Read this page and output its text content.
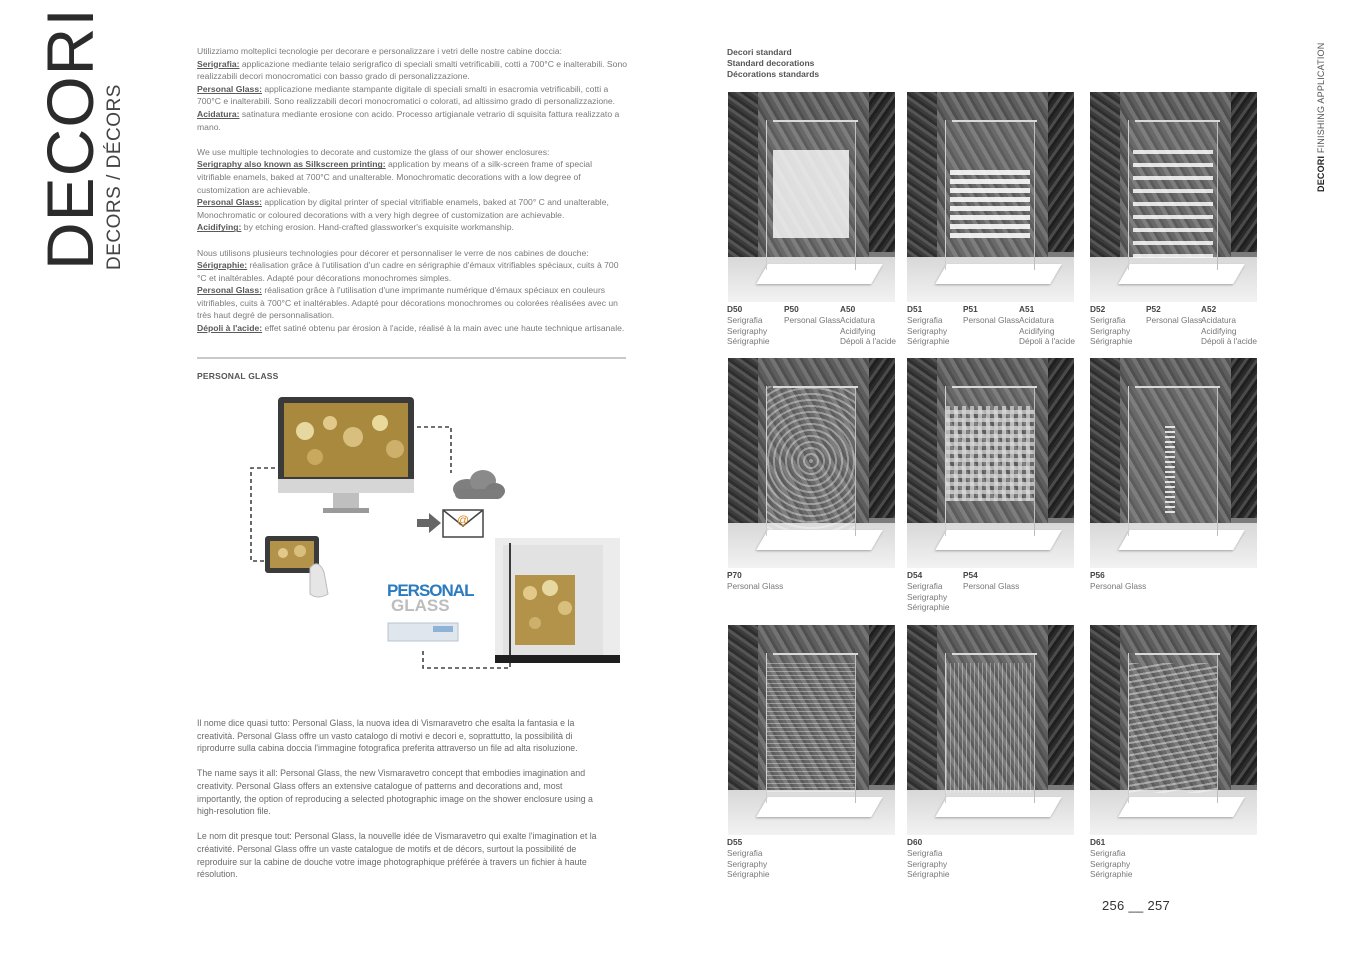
DECORI
DECORS / DÉCORS	DECORI FINISHING APPLICATION

Utilizziamo molteplici tecnologie per decorare e personalizzare i vetri delle nostre cabine doccia:
Serigrafia: applicazione mediante telaio serigrafico di speciali smalti vetrificabili, cotti a 700°C e inalterabili. Sono realizzabili decori monocromatici con basso grado di personalizzazione.
Personal Glass: applicazione mediante stampante digitale di speciali smalti in esacromia vetrificabili, cotti a 700°C e inalterabili. Sono realizzabili decori monocromatici o colorati, ad altissimo grado di personalizzazione.
Acidatura: satinatura mediante erosione con acido. Processo artigianale vetrario di squisita fattura realizzato a mano.

We use multiple technologies to decorate and customize the glass of our shower enclosures:
Serigraphy also known as Silkscreen printing: application by means of a silk-screen frame of special vitrifiable enamels, baked at 700°C and unalterable. Monochromatic decorations with a low degree of customization are achievable.
Personal Glass: application by digital printer of special vitrifiable enamels, baked at 700° C and unalterable, Monochromatic or coloured decorations with a very high degree of customization are achievable.
Acidifying: by etching erosion. Hand-crafted glassworker's exquisite workmanship.

Nous utilisons plusieurs technologies pour décorer et personnaliser le verre de nos cabines de douche:
Sérigraphie: réalisation grâce à l'utilisation d'un cadre en sérigraphie d'émaux vitrifiables spéciaux, cuits à 700 °C et inaltérables. Adapté pour décorations monochromes simples.
Personal Glass: réalisation grâce à l'utilisation d'une imprimante numérique d'émaux spéciaux en couleurs vitrifiables, cuits à 700°C et inaltérables. Adapté pour décorations monochromes ou colorées réalisées avec un très haut degré de personnalisation.
Dépoli à l'acide: effet satiné obtenu par érosion à l'acide, réalisé à la main avec une haute technique artisanale.

PERSONAL GLASS
@
PERSONAL
GLASS

Il nome dice quasi tutto: Personal Glass, la nuova idea di Vismaravetro che esalta la fantasia e la creatività. Personal Glass offre un vasto catalogo di motivi e decori e, soprattutto, la possibilità di riprodurre sulla cabina doccia l'immagine fotografica preferita attraverso un file ad alta risoluzione.

The name says it all: Personal Glass, the new Vismaravetro concept that embodies imagination and creativity. Personal Glass offers an extensive catalogue of patterns and decorations and, most importantly, the option of reproducing a selected photographic image on the shower enclosure using a high-resolution file.

Le nom dit presque tout: Personal Glass, la nouvelle idée de Vismaravetro qui exalte l'imagination et la créativité. Personal Glass offre un vaste catalogue de motifs et de décors, surtout la possibilité de reproduire sur la cabine de douche votre image photographique préférée à travers un fichier à haute résolution.

Decori standard
Standard decorations
Décorations standards
D50
Serigrafia
Serigraphy
Sérigraphie
P50
Personal Glass
A50
Acidatura
Acidifying
Dépoli à l'acide
D51
Serigrafia
Serigraphy
Sérigraphie
P51
Personal Glass
A51
Acidatura
Acidifying
Dépoli à l'acide
D52
Serigrafia
Serigraphy
Sérigraphie
P52
Personal Glass
A52
Acidatura
Acidifying
Dépoli à l'acide
P70
Personal Glass
D54
Serigrafia
Serigraphy
Sérigraphie
P54
Personal Glass
P56
Personal Glass
D55
Serigrafia
Serigraphy
Sérigraphie
D60
Serigrafia
Serigraphy
Sérigraphie
D61
Serigrafia
Serigraphy
Sérigraphie
256 __ 257
